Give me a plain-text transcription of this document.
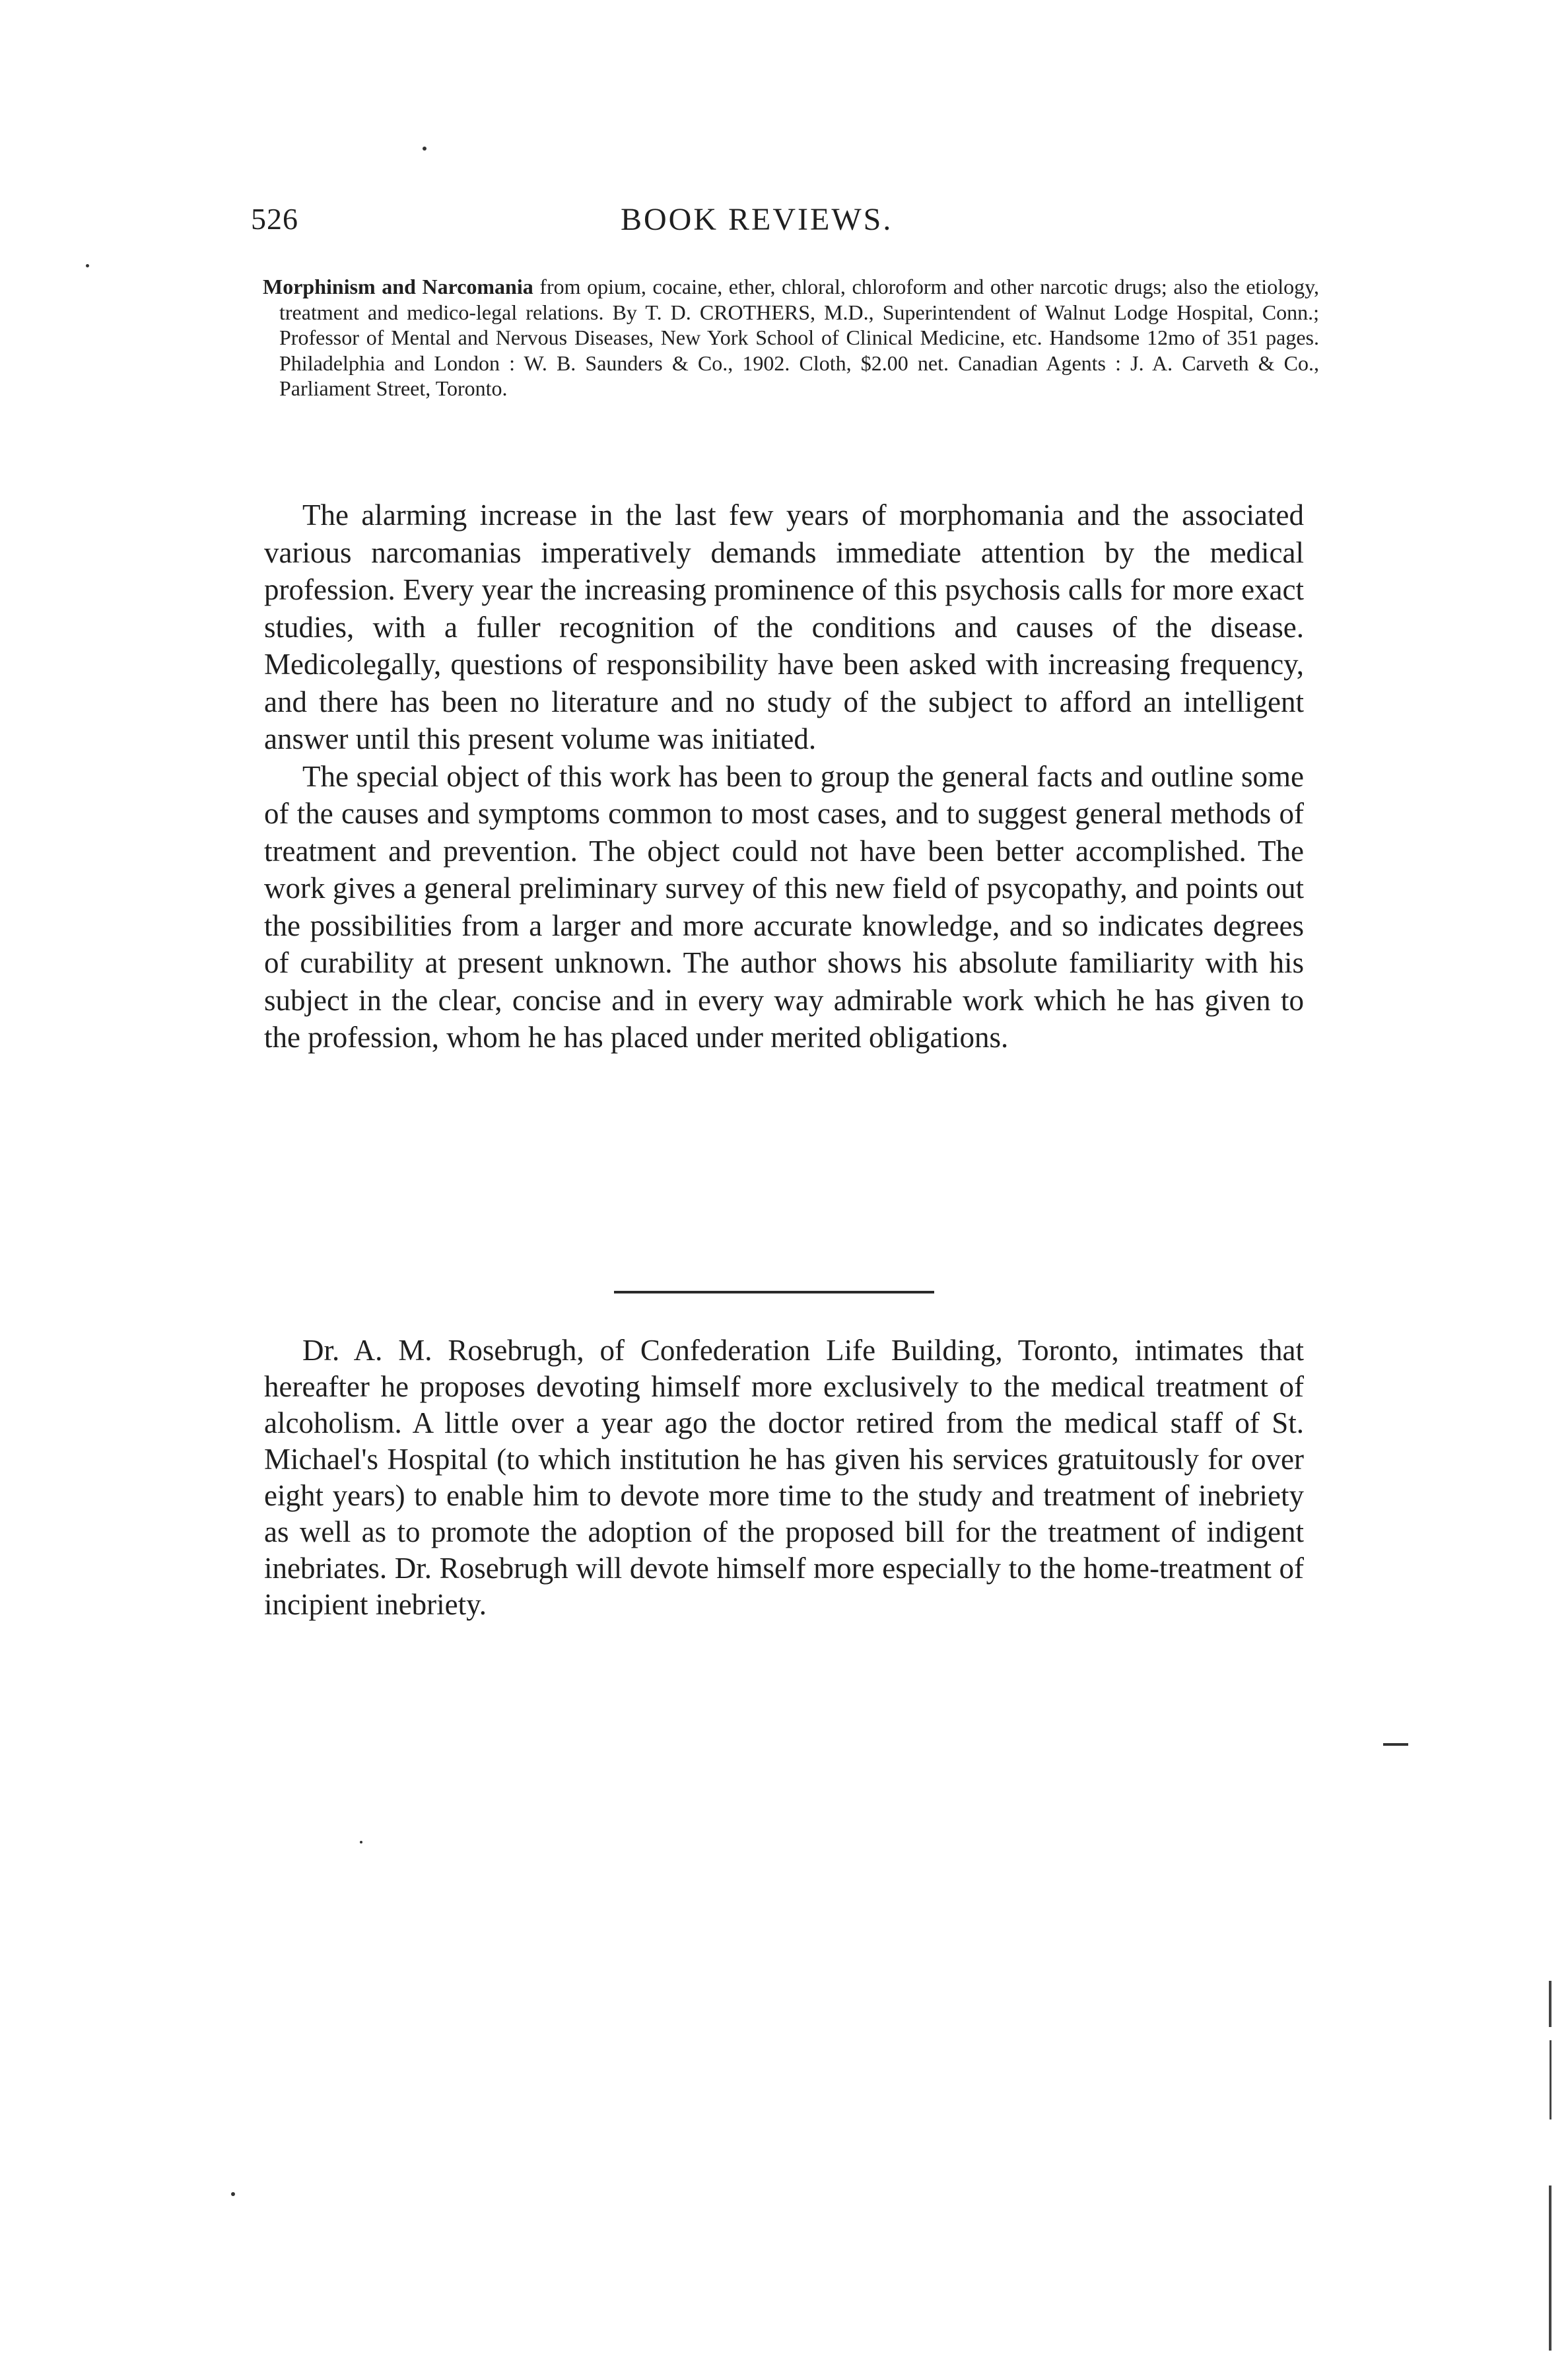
526	BOOK REVIEWS.
Morphinism and Narcomania from opium, cocaine, ether, chloral, chloroform and other narcotic drugs; also the etiology, treatment and medico-legal relations. By T. D. CROTHERS, M.D., Superintendent of Walnut Lodge Hospital, Conn.; Professor of Mental and Nervous Diseases, New York School of Clinical Medicine, etc. Handsome 12mo of 351 pages. Philadelphia and London : W. B. Saunders & Co., 1902. Cloth, $2.00 net. Canadian Agents : J. A. Carveth & Co., Parliament Street, Toronto.

The alarming increase in the last few years of morphomania and the associated various narcomanias imperatively demands immediate attention by the medical profession. Every year the increasing prominence of this psychosis calls for more exact studies, with a fuller recognition of the conditions and causes of the disease. Medicolegally, questions of responsibility have been asked with increasing frequency, and there has been no literature and no study of the subject to afford an intelligent answer until this present volume was initiated.

The special object of this work has been to group the general facts and outline some of the causes and symptoms common to most cases, and to suggest general methods of treatment and prevention. The object could not have been better accomplished. The work gives a general preliminary survey of this new field of psycopathy, and points out the possibilities from a larger and more accurate knowledge, and so indicates degrees of curability at present unknown. The author shows his absolute familiarity with his subject in the clear, concise and in every way admirable work which he has given to the profession, whom he has placed under merited obligations.

Dr. A. M. Rosebrugh, of Confederation Life Building, Toronto, intimates that hereafter he proposes devoting himself more exclusively to the medical treatment of alcoholism. A little over a year ago the doctor retired from the medical staff of St. Michael's Hospital (to which institution he has given his services gratuitously for over eight years) to enable him to devote more time to the study and treatment of inebriety as well as to promote the adoption of the proposed bill for the treatment of indigent inebriates. Dr. Rosebrugh will devote himself more especially to the home-treatment of incipient inebriety.
